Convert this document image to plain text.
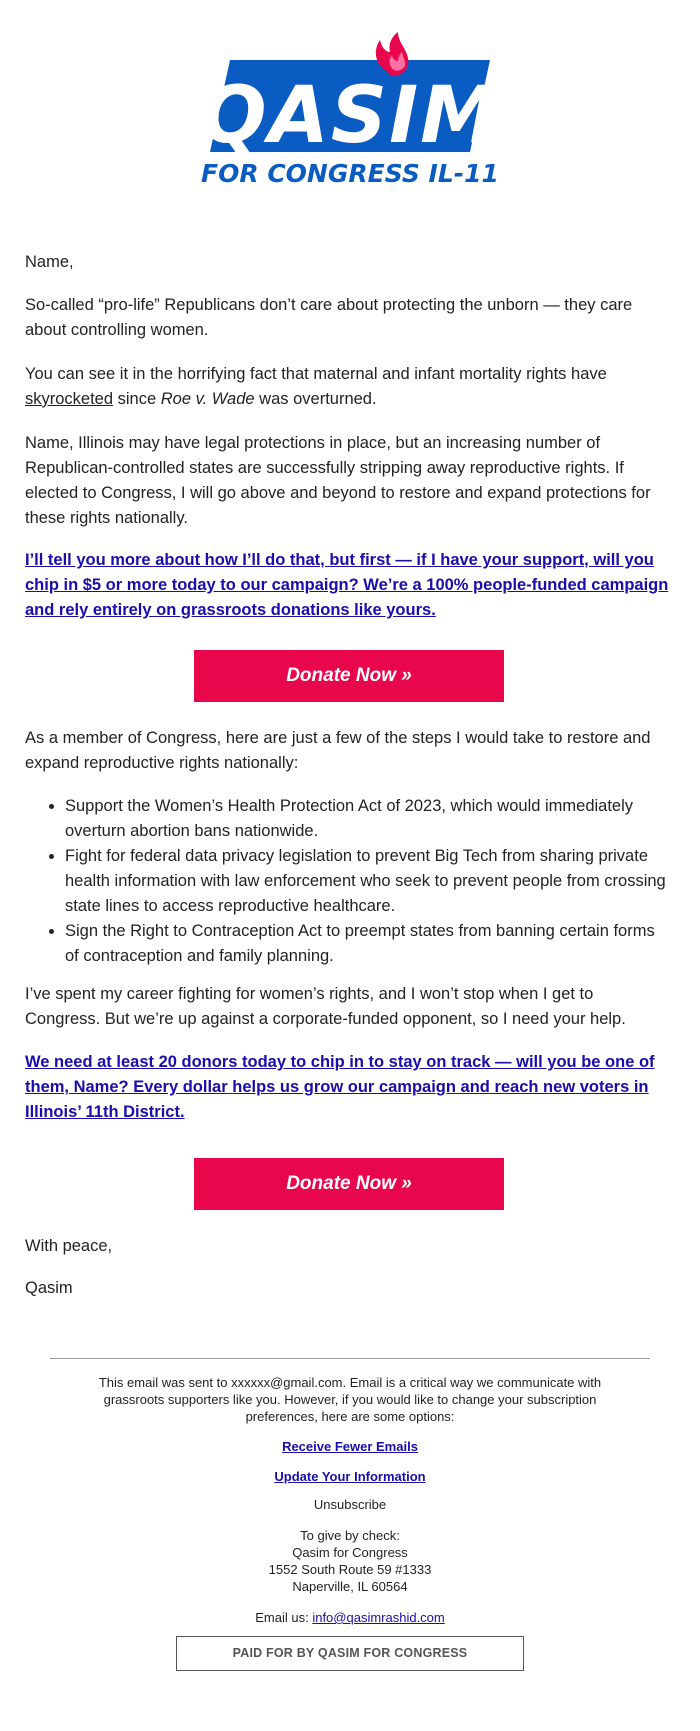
QASIM
FOR CONGRESS IL-11

Name,

So-called “pro-life” Republicans don’t care about protecting the unborn — they care about controlling women.

You can see it in the horrifying fact that maternal and infant mortality rights have skyrocketed since Roe v. Wade was overturned.

Name, Illinois may have legal protections in place, but an increasing number of Republican-controlled states are successfully stripping away reproductive rights. If elected to Congress, I will go above and beyond to restore and expand protections for these rights nationally.

I’ll tell you more about how I’ll do that, but first — if I have your support, will you chip in $5 or more today to our campaign? We’re a 100% people-funded campaign and rely entirely on grassroots donations like yours.

Donate Now »

As a member of Congress, here are just a few of the steps I would take to restore and expand reproductive rights nationally:

• Support the Women’s Health Protection Act of 2023, which would immediately overturn abortion bans nationwide.
• Fight for federal data privacy legislation to prevent Big Tech from sharing private health information with law enforcement who seek to prevent people from crossing state lines to access reproductive healthcare.
• Sign the Right to Contraception Act to preempt states from banning certain forms of contraception and family planning.

I’ve spent my career fighting for women’s rights, and I won’t stop when I get to Congress. But we’re up against a corporate-funded opponent, so I need your help.

We need at least 20 donors today to chip in to stay on track — will you be one of them, Name? Every dollar helps us grow our campaign and reach new voters in Illinois’ 11th District.

Donate Now »

With peace,

Qasim

This email was sent to xxxxxx@gmail.com. Email is a critical way we communicate with grassroots supporters like you. However, if you would like to change your subscription preferences, here are some options:
Receive Fewer Emails
Update Your Information
Unsubscribe
To give by check:
Qasim for Congress
1552 South Route 59 #1333
Naperville, IL 60564
Email us: info@qasimrashid.com
PAID FOR BY QASIM FOR CONGRESS
